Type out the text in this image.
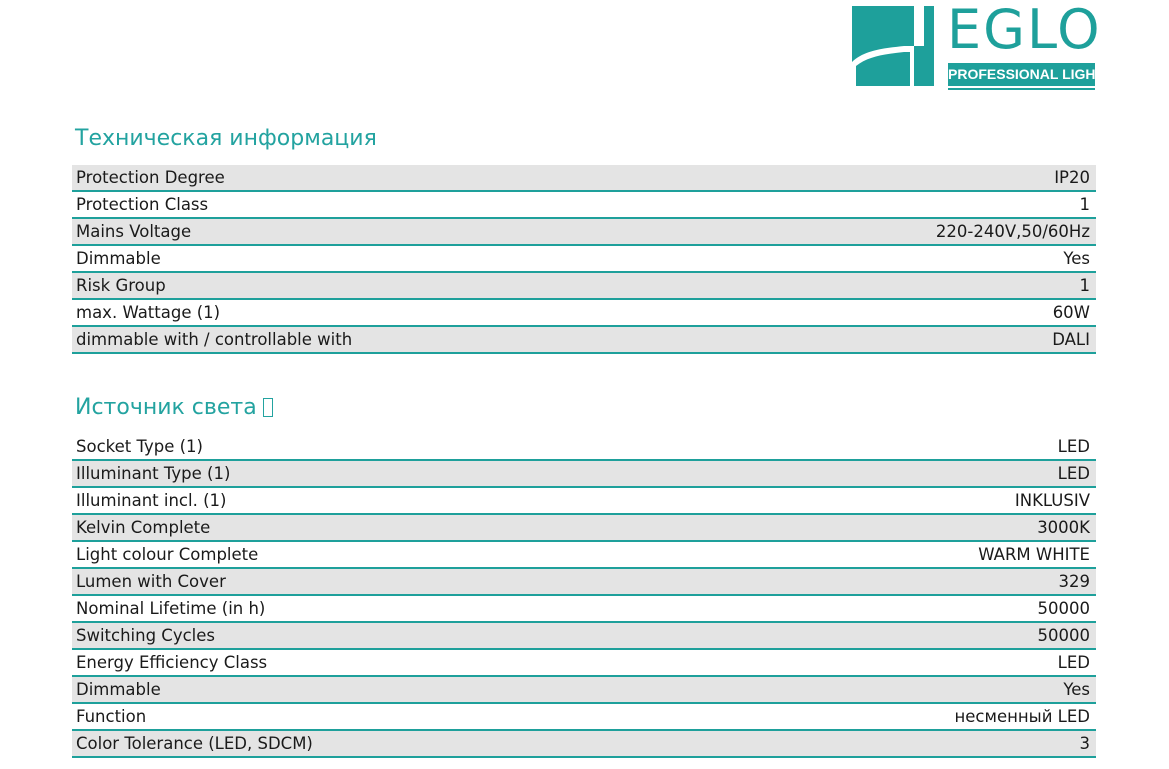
EGLO
PROFESSIONAL LIGHT
Техническая информация
Protection Degree	IP20
Protection Class	1
Mains Voltage	220-240V,50/60Hz
Dimmable	Yes
Risk Group	1
max. Wattage (1)	60W
dimmable with / controllable with	DALI
Источник света
Socket Type (1)	LED
Illuminant Type (1)	LED
Illuminant incl. (1)	INKLUSIV
Kelvin Complete	3000K
Light colour Complete	WARM WHITE
Lumen with Cover	329
Nominal Lifetime (in h)	50000
Switching Cycles	50000
Energy Efficiency Class	LED
Dimmable	Yes
Function	несменный LED
Color Tolerance (LED, SDCM)	3
